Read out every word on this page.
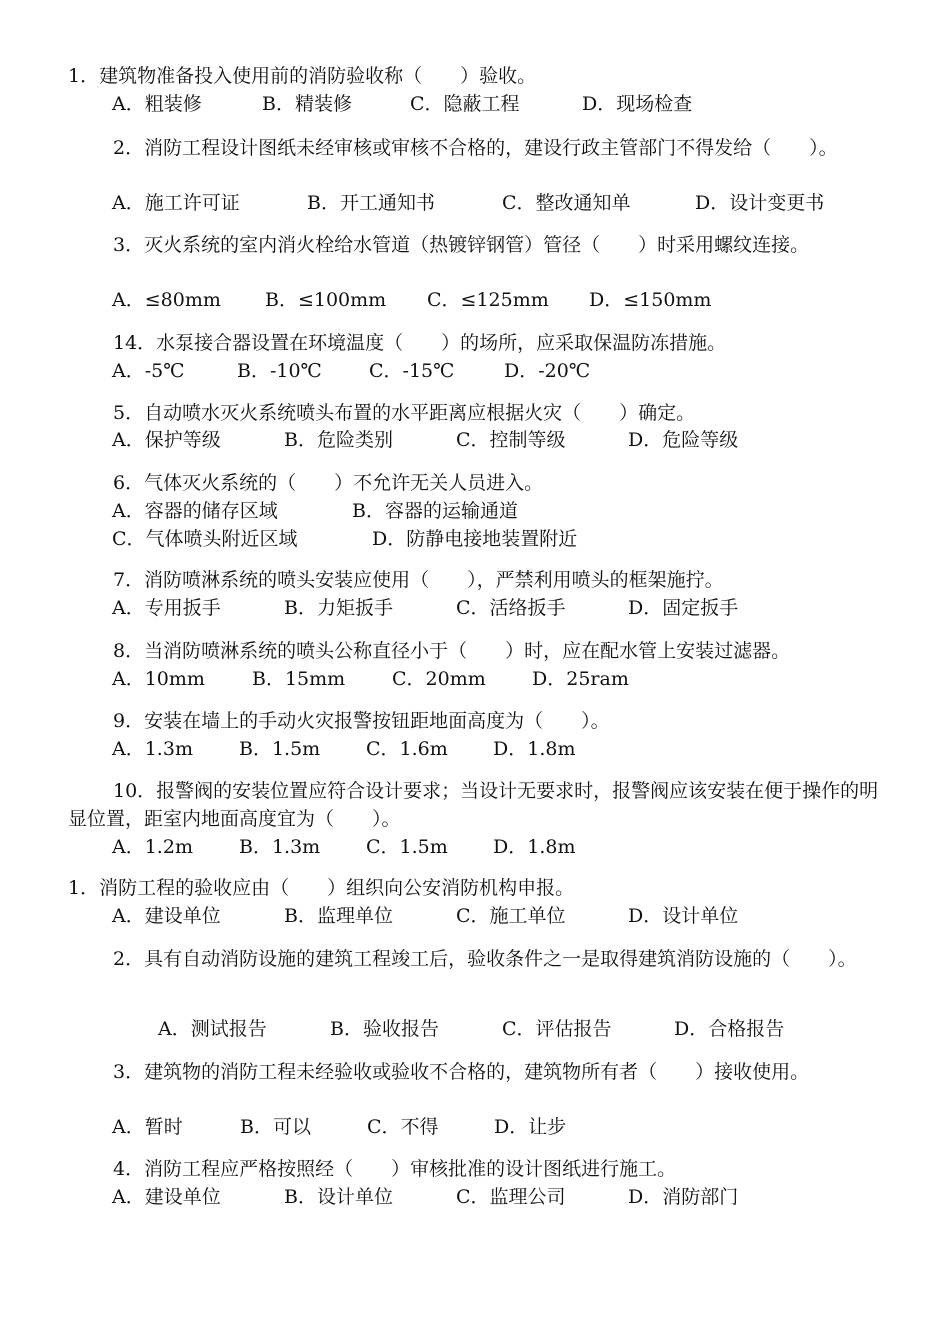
1．建筑物准备投入使用前的消防验收称（　　）验收。
A．粗装修	B．精装修	C．隐蔽工程	D．现场检查
2．消防工程设计图纸未经审核或审核不合格的，建设行政主管部门不得发给（　　）。
A．施工许可证	B．开工通知书	C．整改通知单	D．设计变更书
3．灭火系统的室内消火栓给水管道（热镀锌钢管）管径（　　）时采用螺纹连接。
A．≤80mm B．≤100mm C．≤125mm D．≤150mm
14．水泵接合器设置在环境温度（　　）的场所，应采取保温防冻措施。
A．-5℃	B．-10℃ C．-15℃	D．-20℃
5．自动喷水灭火系统喷头布置的水平距离应根据火灾（　　）确定。
A．保护等级	B．危险类别	C．控制等级	D．危险等级
6．气体灭火系统的（　　）不允许无关人员进入。
A．容器的储存区域	B．容器的运输通道
C．气体喷头附近区域	D．防静电接地装置附近
7．消防喷淋系统的喷头安装应使用（　　），严禁利用喷头的框架施拧。
A．专用扳手	B．力矩扳手	C．活络扳手	D．固定扳手
8．当消防喷淋系统的喷头公称直径小于（　　）时，应在配水管上安装过滤器。
A．10mm B．15mm C．20mm D．25ram
9．安装在墙上的手动火灾报警按钮距地面高度为（　　）。
A．1.3m B．1.5m C．1.6m D．1.8m
10．报警阀的安装位置应符合设计要求；当设计无要求时，报警阀应该安装在便于操作的明显位置，距室内地面高度宜为（　　）。
A．1.2m B．1.3m C．1.5m D．1.8m
1．消防工程的验收应由（　　）组织向公安消防机构申报。
A．建设单位	B．监理单位	C．施工单位	D．设计单位
2．具有自动消防设施的建筑工程竣工后，验收条件之一是取得建筑消防设施的（　　）。
A．测试报告	B．验收报告	C．评估报告	D．合格报告
3．建筑物的消防工程未经验收或验收不合格的，建筑物所有者（　　）接收使用。
A．暂时	B．可以	C．不得	D．让步
4．消防工程应严格按照经（　　）审核批准的设计图纸进行施工。
A．建设单位	B．设计单位	C．监理公司	D．消防部门
